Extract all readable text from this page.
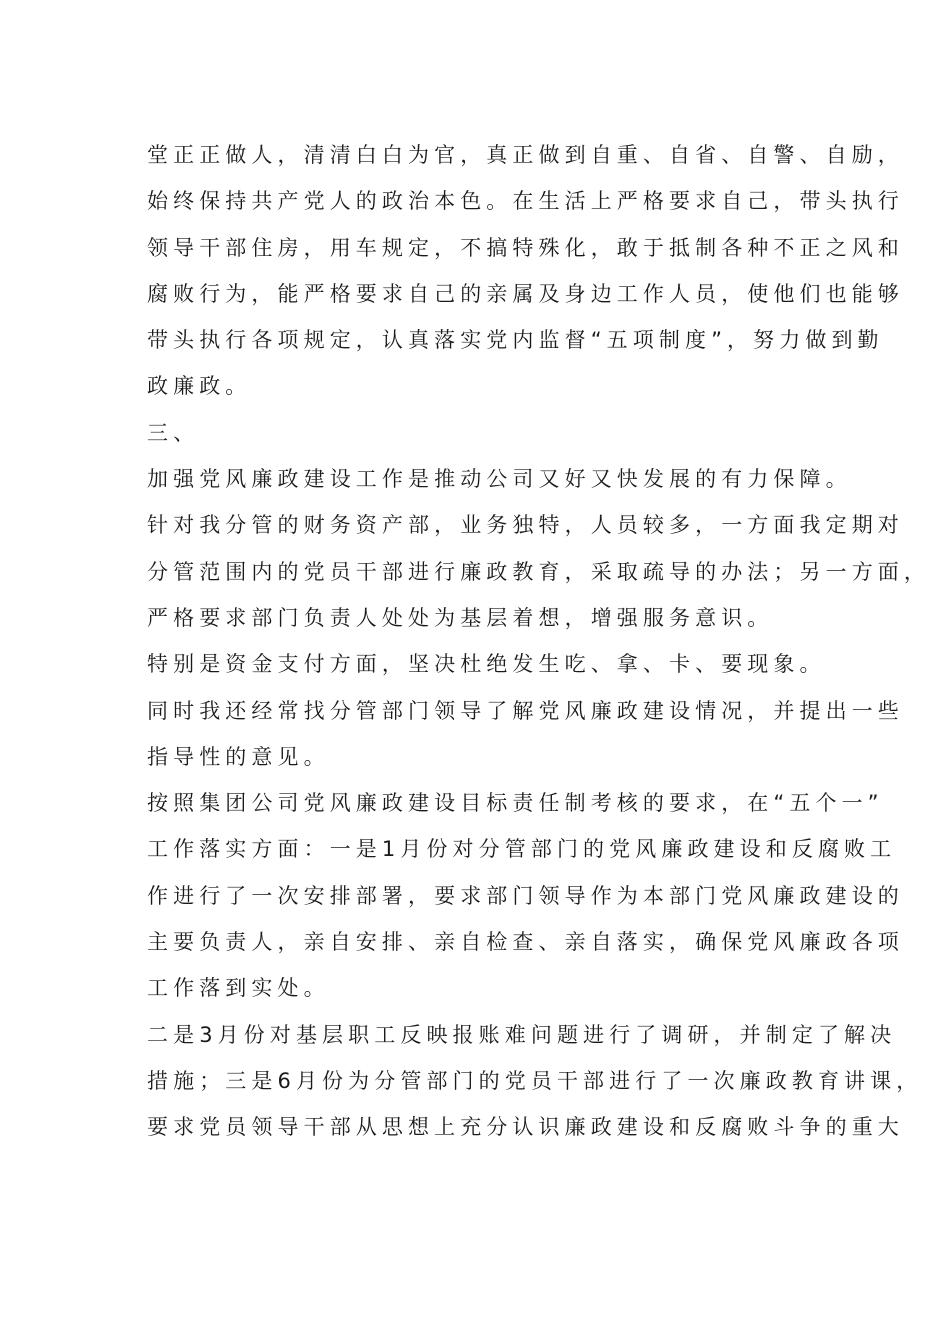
堂正正做人，清清白白为官，真正做到自重、自省、自警、自励，
始终保持共产党人的政治本色。在生活上严格要求自己，带头执行
领导干部住房，用车规定，不搞特殊化，敢于抵制各种不正之风和
腐败行为，能严格要求自己的亲属及身边工作人员，使他们也能够
带头执行各项规定，认真落实党内监督“五项制度”，努力做到勤
政廉政。
三、
加强党风廉政建设工作是推动公司又好又快发展的有力保障。
针对我分管的财务资产部，业务独特，人员较多，一方面我定期对
分管范围内的党员干部进行廉政教育，采取疏导的办法；另一方面，
严格要求部门负责人处处为基层着想，增强服务意识。
特别是资金支付方面，坚决杜绝发生吃、拿、卡、要现象。
同时我还经常找分管部门领导了解党风廉政建设情况，并提出一些
指导性的意见。
按照集团公司党风廉政建设目标责任制考核的要求，在“五个一”
工作落实方面：一是1月份对分管部门的党风廉政建设和反腐败工
作进行了一次安排部署，要求部门领导作为本部门党风廉政建设的
主要负责人，亲自安排、亲自检查、亲自落实，确保党风廉政各项
工作落到实处。
二是3月份对基层职工反映报账难问题进行了调研，并制定了解决
措施；三是6月份为分管部门的党员干部进行了一次廉政教育讲课，
要求党员领导干部从思想上充分认识廉政建设和反腐败斗争的重大
